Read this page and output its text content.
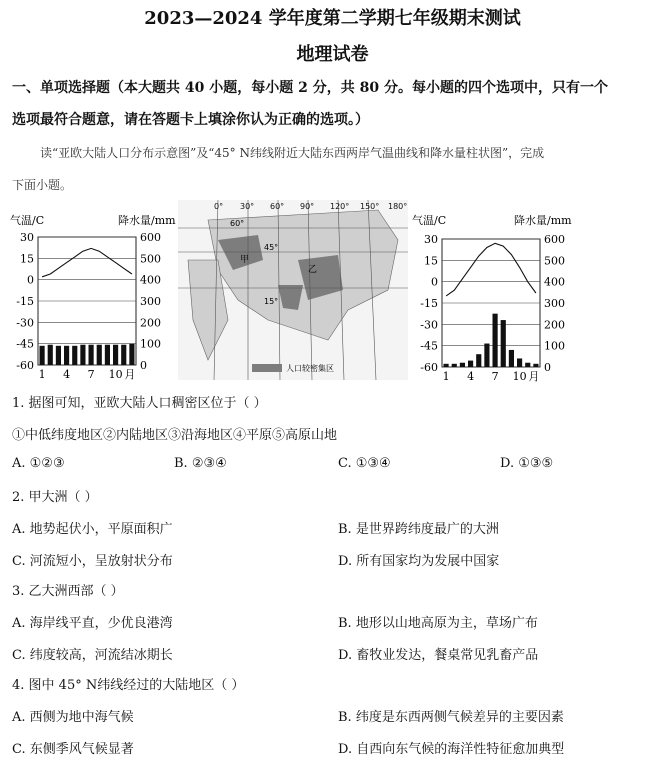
2023—2024 学年度第二学期七年级期末测试
地理试卷
一、单项选择题（本大题共 40 小题，每小题 2 分，共 80 分。每小题的四个选项中，只有一个
选项最符合题意，请在答题卡上填涂你认为正确的选项。）
读“亚欧大陆人口分布示意图”及“45° N纬线附近大陆东西两岸气温曲线和降水量柱状图”，完成
下面小题。
气温/C	降水量/mm
30	600
15	500
0	400
-15	300
-30	200
-45	100
-60	0
1 4 7 10 月
0° 30° 60° 90° 120° 150° 180°
60°
45°
15°
甲
乙
人口较密集区
气温/C	降水量/mm
30	600
15	500
0	400
-15	300
-30	200
-45	100
-60	0
1 4 7 10 月
1. 据图可知，亚欧大陆人口稠密区位于（ ）
①中低纬度地区②内陆地区③沿海地区④平原⑤高原山地
A. ①②③	B. ②③④	C. ①③④	D. ①③⑤
2. 甲大洲（ ）
A. 地势起伏小，平原面积广	B. 是世界跨纬度最广的大洲
C. 河流短小，呈放射状分布	D. 所有国家均为发展中国家
3. 乙大洲西部（ ）
A. 海岸线平直，少优良港湾	B. 地形以山地高原为主，草场广布
C. 纬度较高，河流结冰期长	D. 畜牧业发达，餐桌常见乳畜产品
4. 图中 45° N纬线经过的大陆地区（ ）
A. 西侧为地中海气候	B. 纬度是东西两侧气候差异的主要因素
C. 东侧季风气候显著	D. 自西向东气候的海洋性特征愈加典型
